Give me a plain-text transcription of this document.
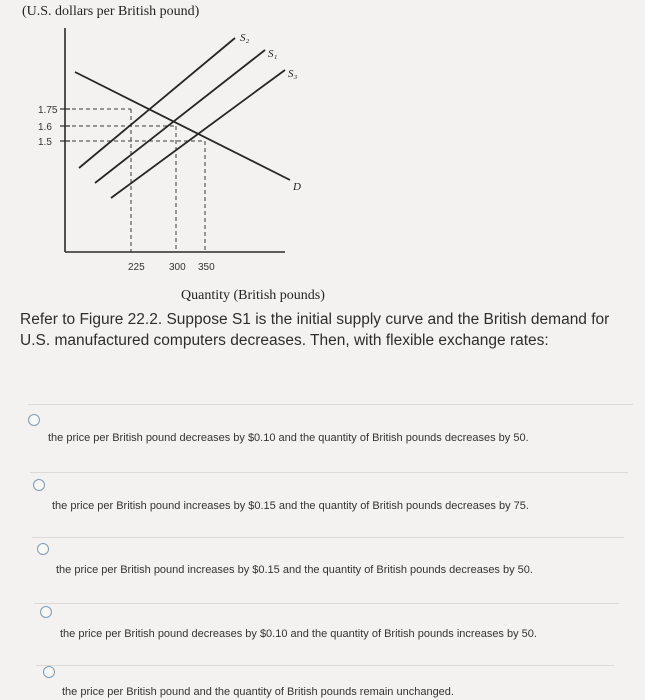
(U.S. dollars per British pound)
1.75
1.6
1.5
225 300 350
S₂
S₁
S₃
D
Quantity (British pounds)
Refer to Figure 22.2. Suppose S1 is the initial supply curve and the British demand for U.S. manufactured computers decreases. Then, with flexible exchange rates:
the price per British pound decreases by $0.10 and the quantity of British pounds decreases by 50.
the price per British pound increases by $0.15 and the quantity of British pounds decreases by 75.
the price per British pound increases by $0.15 and the quantity of British pounds decreases by 50.
the price per British pound decreases by $0.10 and the quantity of British pounds increases by 50.
the price per British pound and the quantity of British pounds remain unchanged.
